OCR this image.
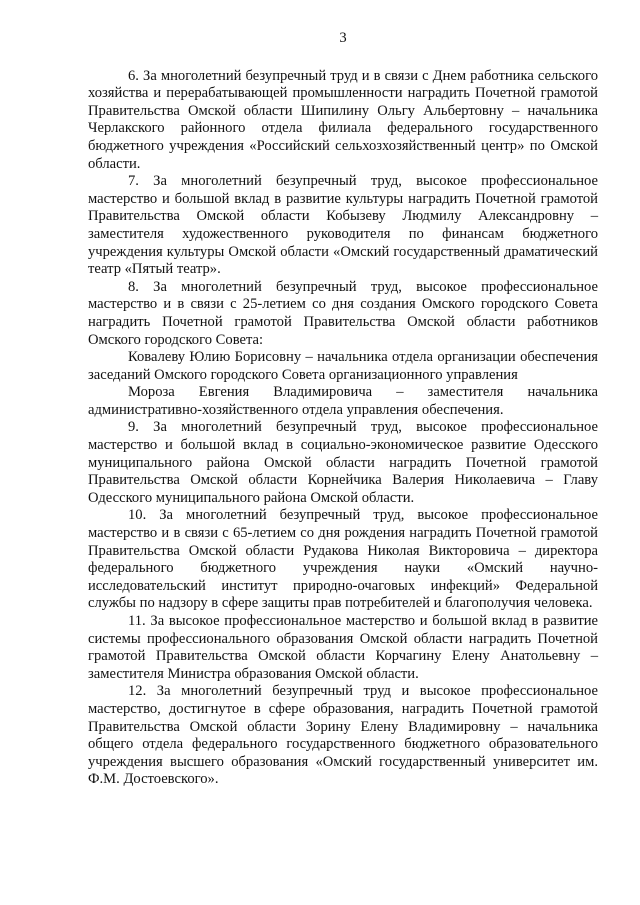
3

6. За многолетний безупречный труд и в связи с Днем работника сельского хозяйства и перерабатывающей промышленности наградить Почетной грамотой Правительства Омской области Шипилину Ольгу Альбертовну – начальника Черлакского районного отдела филиала федерального государственного бюджетного учреждения «Российский сельхозхозяйственный центр» по Омской области.

7. За многолетний безупречный труд, высокое профессиональное мастерство и большой вклад в развитие культуры наградить Почетной грамотой Правительства Омской области Кобызеву Людмилу Александровну – заместителя художественного руководителя по финансам бюджетного учреждения культуры Омской области «Омский государственный драматический театр «Пятый театр».

8. За многолетний безупречный труд, высокое профессиональное мастерство и в связи с 25-летием со дня создания Омского городского Совета наградить Почетной грамотой Правительства Омской области работников Омского городского Совета:

Ковалеву Юлию Борисовну – начальника отдела организации обеспечения заседаний Омского городского Совета организационного управления

Мороза Евгения Владимировича – заместителя начальника административно-хозяйственного отдела управления обеспечения.

9. За многолетний безупречный труд, высокое профессиональное мастерство и большой вклад в социально-экономическое развитие Одесского муниципального района Омской области наградить Почетной грамотой Правительства Омской области Корнейчика Валерия Николаевича – Главу Одесского муниципального района Омской области.

10. За многолетний безупречный труд, высокое профессиональное мастерство и в связи с 65-летием со дня рождения наградить Почетной грамотой Правительства Омской области Рудакова Николая Викторовича – директора федерального бюджетного учреждения науки «Омский научно-исследовательский институт природно-очаговых инфекций» Федеральной службы по надзору в сфере защиты прав потребителей и благополучия человека.

11. За высокое профессиональное мастерство и большой вклад в развитие системы профессионального образования Омской области наградить Почетной грамотой Правительства Омской области Корчагину Елену Анатольевну – заместителя Министра образования Омской области.

12. За многолетний безупречный труд и высокое профессиональное мастерство, достигнутое в сфере образования, наградить Почетной грамотой Правительства Омской области Зорину Елену Владимировну – начальника общего отдела федерального государственного бюджетного образовательного учреждения высшего образования «Омский государственный университет им. Ф.М. Достоевского».
